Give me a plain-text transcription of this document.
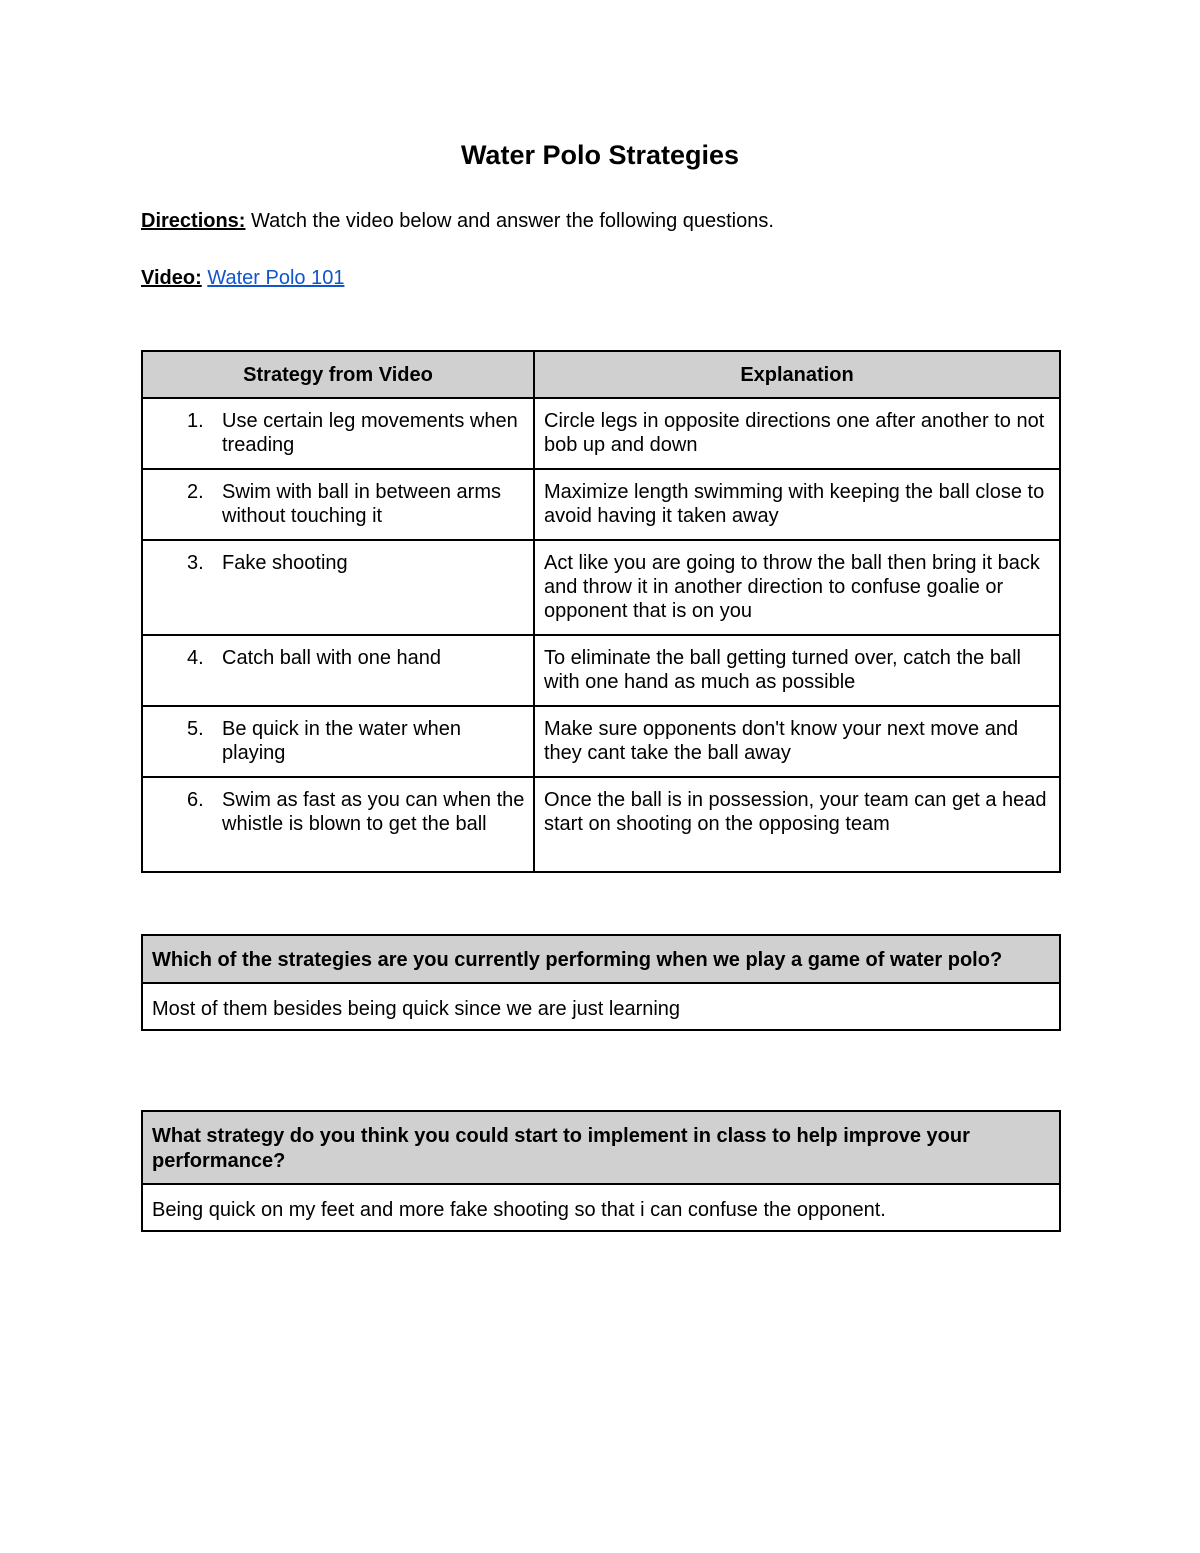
Water Polo Strategies
Directions: Watch the video below and answer the following questions.
Video: Water Polo 101
Strategy from Video	Explanation

1. Use certain leg movements when treading	Circle legs in opposite directions one after another to not bob up and down

2. Swim with ball in between arms without touching it	Maximize length swimming with keeping the ball close to avoid having it taken away

3. Fake shooting	Act like you are going to throw the ball then bring it back and throw it in another direction to confuse goalie or opponent that is on you

4. Catch ball with one hand	To eliminate the ball getting turned over, catch the ball with one hand as much as possible

5. Be quick in the water when playing	Make sure opponents don't know your next move and they cant take the ball away

6. Swim as fast as you can when the whistle is blown to get the ball	Once the ball is in possession, your team can get a head start on shooting on the opposing team
Which of the strategies are you currently performing when we play a game of water polo?

Most of them besides being quick since we are just learning
What strategy do you think you could start to implement in class to help improve your performance?

Being quick on my feet and more fake shooting so that i can confuse the opponent.
